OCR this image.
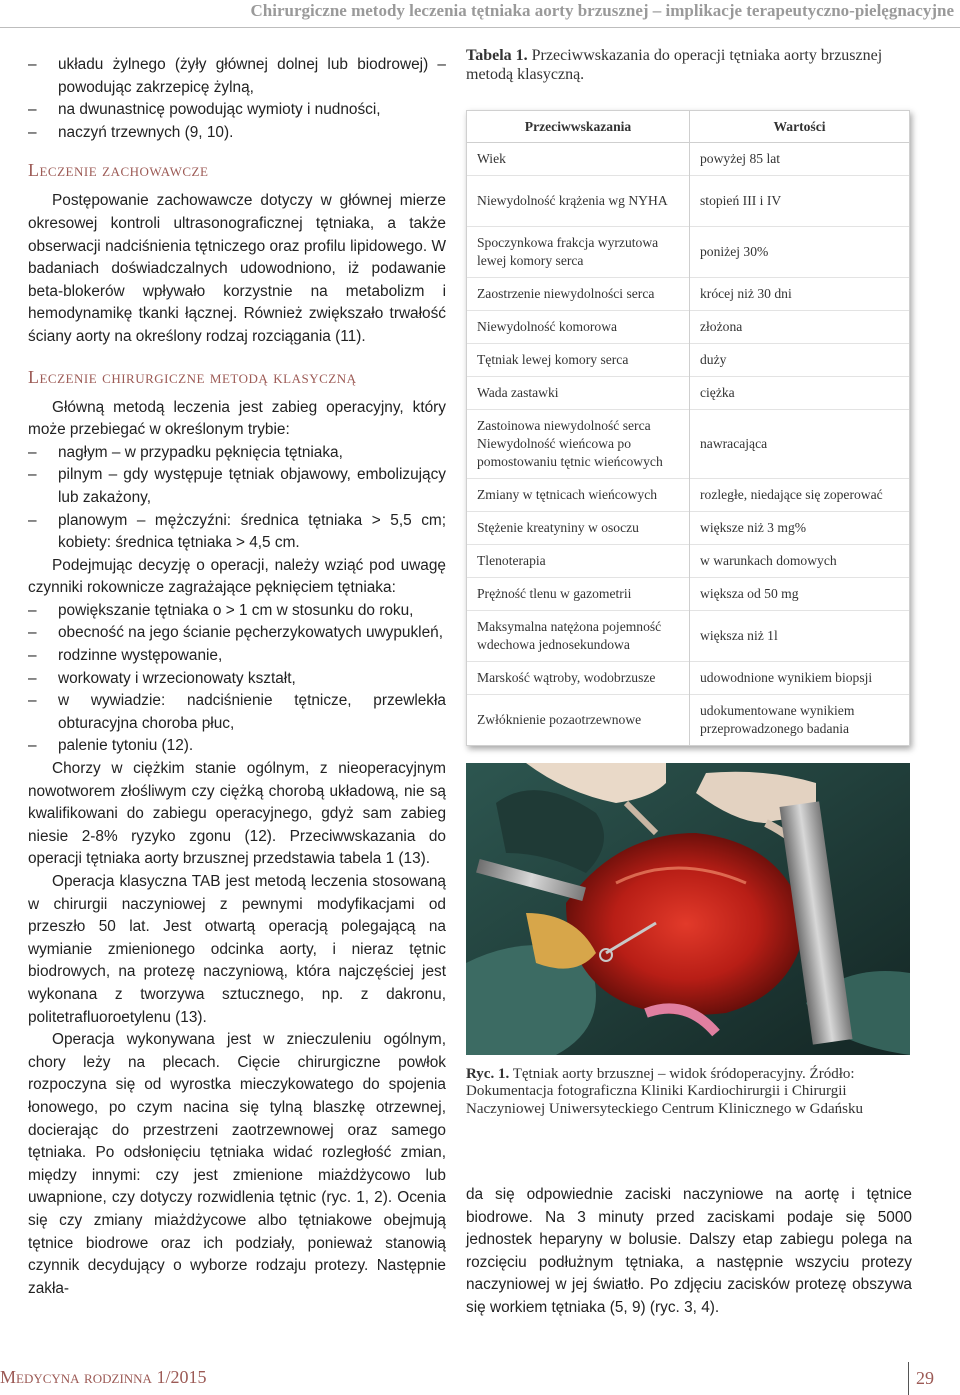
Chirurgiczne metody leczenia tętniaka aorty brzusznej – implikacje terapeutyczno-pielęgnacyjne
– układu żylnego (żyły głównej dolnej lub biodrowej) – powodując zakrzepicę żylną,
– na dwunastnicę powodując wymioty i nudności,
– naczyń trzewnych (9, 10).
Leczenie zachowawcze

Postępowanie zachowawcze dotyczy w głównej mierze okresowej kontroli ultrasonograficznej tętniaka, a także obserwacji nadciśnienia tętniczego oraz profilu lipidowego. W badaniach doświadczalnych udowodniono, iż podawanie beta-blokerów wpływało korzystnie na metabolizm i hemodynamikę tkanki łącznej. Również zwiększało trwałość ściany aorty na określony rodzaj rozciągania (11).

Leczenie chirurgiczne metodą klasyczną

Główną metodą leczenia jest zabieg operacyjny, który może przebiegać w określonym trybie:

– nagłym – w przypadku pęknięcia tętniaka,
– pilnym – gdy występuje tętniak objawowy, embolizujący lub zakażony,
– planowym – mężczyźni: średnica tętniaka > 5,5 cm; kobiety: średnica tętniaka > 4,5 cm.

Podejmując decyzję o operacji, należy wziąć pod uwagę czynniki rokownicze zagrażające pęknięciem tętniaka:

– powiększanie tętniaka o > 1 cm w stosunku do roku,
– obecność na jego ścianie pęcherzykowatych uwypukleń,
– rodzinne występowanie,
– workowaty i wrzecionowaty kształt,
– w wywiadzie: nadciśnienie tętnicze, przewlekła obturacyjna choroba płuc,
– palenie tytoniu (12).

Chorzy w ciężkim stanie ogólnym, z nieoperacyjnym nowotworem złośliwym czy ciężką chorobą układową, nie są kwalifikowani do zabiegu operacyjnego, gdyż sam zabieg niesie 2-8% ryzyko zgonu (12). Przeciwwskazania do operacji tętniaka aorty brzusznej przedstawia tabela 1 (13).

Operacja klasyczna TAB jest metodą leczenia stosowaną w chirurgii naczyniowej z pewnymi modyfikacjami od przeszło 50 lat. Jest otwartą operacją polegającą na wymianie zmienionego odcinka aorty, i nieraz tętnic biodrowych, na protezę naczyniową, która najczęściej jest wykonana z tworzywa sztucznego, np. z dakronu, politetrafluoroetylenu (13).

Operacja wykonywana jest w znieczuleniu ogólnym, chory leży na plecach. Cięcie chirurgiczne powłok rozpoczyna się od wyrostka mieczykowatego do spojenia łonowego, po czym nacina się tylną blaszkę otrzewnej, docierając do przestrzeni zaotrzewnowej oraz samego tętniaka. Po odsłonięciu tętniaka widać rozległość zmian, między innymi: czy jest zmienione miażdżycowo lub uwapnione, czy dotyczy rozwidlenia tętnic (ryc. 1, 2). Ocenia się czy zmiany miażdżycowe albo tętniakowe obejmują tętnice biodrowe oraz ich podziały, ponieważ stanowią czynnik decydujący o wyborze rodzaju protezy. Następnie zakła-

Tabela 1. Przeciwwskazania do operacji tętniaka aorty brzusznej metodą klasyczną.
Przeciwwskazania	Wartości
Wiek	powyżej 85 lat
Niewydolność krążenia wg NYHA	stopień III i IV
Spoczynkowa frakcja wyrzutowa lewej komory serca	poniżej 30%
Zaostrzenie niewydolności serca	krócej niż 30 dni
Niewydolność komorowa	złożona
Tętniak lewej komory serca	duży
Wada zastawki	ciężka
Zastoinowa niewydolność serca Niewydolność wieńcowa po pomostowaniu tętnic wieńcowych	nawracająca
Zmiany w tętnicach wieńcowych	rozległe, niedające się zoperować
Stężenie kreatyniny w osoczu	większe niż 3 mg%
Tlenoterapia	w warunkach domowych
Prężność tlenu w gazometrii	większa od 50 mg
Maksymalna natężona pojemność wdechowa jednosekundowa	większa niż 1l
Marskość wątroby, wodobrzusze	udowodnione wynikiem biopsji
Zwłóknienie pozaotrzewnowe	udokumentowane wynikiem przeprowadzonego badania
Ryc. 1. Tętniak aorty brzusznej – widok śródoperacyjny. Źródło: Dokumentacja fotograficzna Kliniki Kardiochirurgii i Chirurgii Naczyniowej Uniwersyteckiego Centrum Klinicznego w Gdańsku

da się odpowiednie zaciski naczyniowe na aortę i tętnice biodrowe. Na 3 minuty przed zaciskami podaje się 5000 jednostek heparyny w bolusie. Dalszy etap zabiegu polega na rozcięciu podłużnym tętniaka, a następnie wszyciu protezy naczyniowej w jej światło. Po zdjęciu zacisków protezę obszywa się workiem tętniaka (5, 9) (ryc. 3, 4).

Medycyna rodzinna 1/2015	29
